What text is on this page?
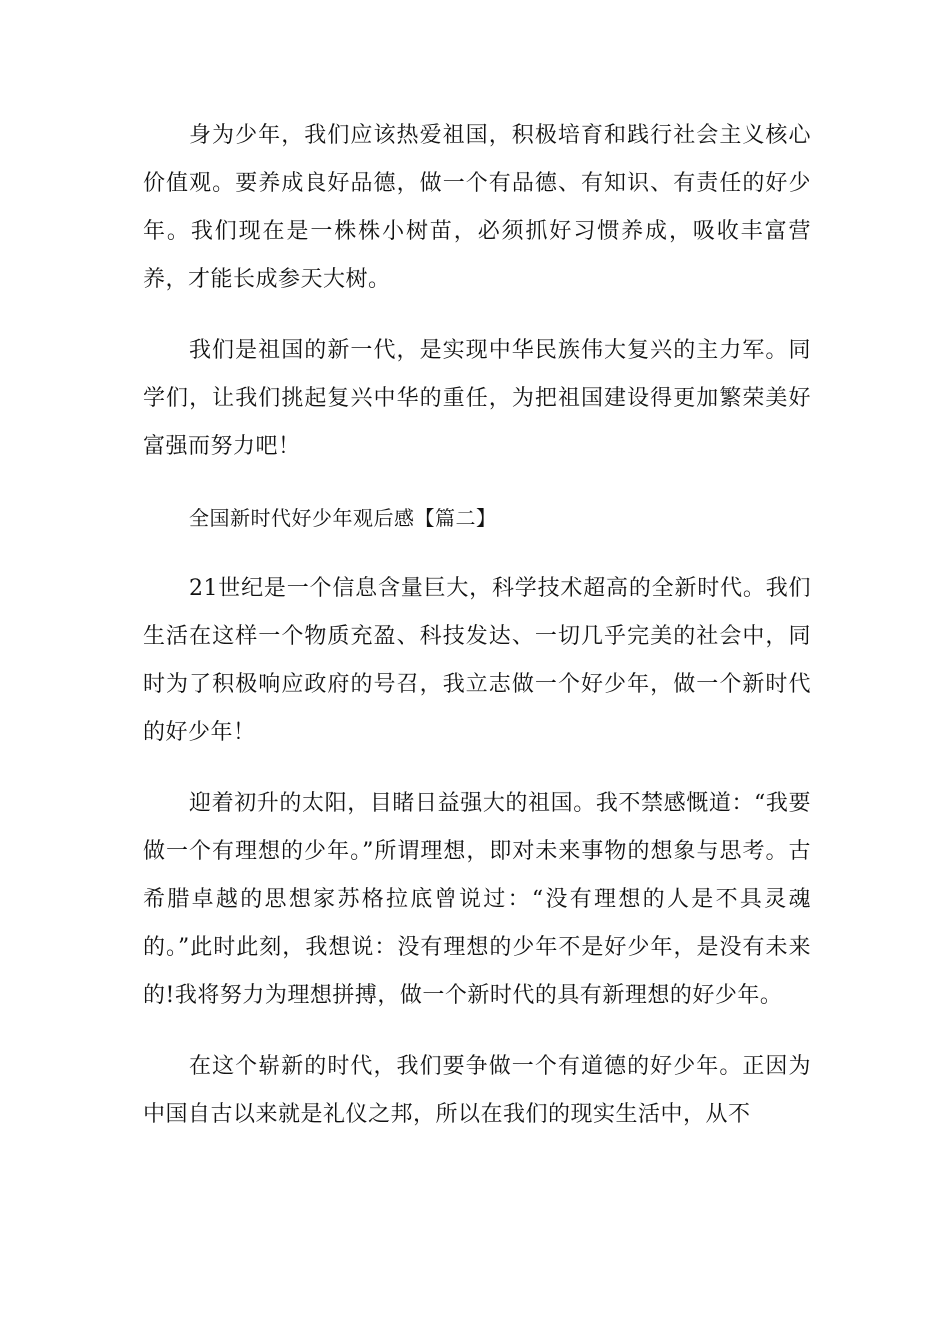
身为少年，我们应该热爱祖国，积极培育和践行社会主义核心价值观。要养成良好品德，做一个有品德、有知识、有责任的好少年。我们现在是一株株小树苗，必须抓好习惯养成，吸收丰富营养，才能长成参天大树。

我们是祖国的新一代，是实现中华民族伟大复兴的主力军。同学们，让我们挑起复兴中华的重任，为把祖国建设得更加繁荣美好富强而努力吧！

全国新时代好少年观后感【篇二】

21世纪是一个信息含量巨大，科学技术超高的全新时代。我们生活在这样一个物质充盈、科技发达、一切几乎完美的社会中，同时为了积极响应政府的号召，我立志做一个好少年，做一个新时代的好少年！

迎着初升的太阳，目睹日益强大的祖国。我不禁感慨道：“我要做一个有理想的少年。”所谓理想，即对未来事物的想象与思考。古希腊卓越的思想家苏格拉底曾说过：“没有理想的人是不具灵魂的。”此时此刻，我想说：没有理想的少年不是好少年，是没有未来的!我将努力为理想拼搏，做一个新时代的具有新理想的好少年。

在这个崭新的时代，我们要争做一个有道德的好少年。正因为中国自古以来就是礼仪之邦，所以在我们的现实生活中，从不
